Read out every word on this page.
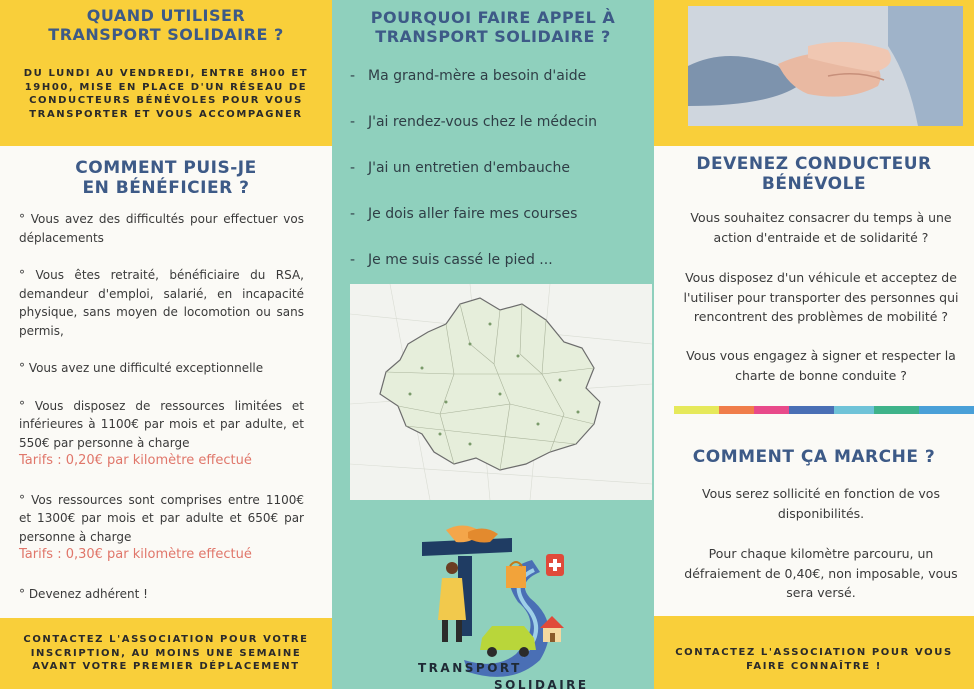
QUAND UTILISER
TRANSPORT SOLIDAIRE ?
DU LUNDI AU VENDREDI, ENTRE 8H00 ET 19H00, MISE EN PLACE D'UN RÉSEAU DE CONDUCTEURS BÉNÉVOLES POUR VOUS TRANSPORTER ET VOUS ACCOMPAGNER
COMMENT PUIS-JE
EN BÉNÉFICIER ?
° Vous avez des difficultés pour effectuer vos déplacements
° Vous êtes retraité, bénéficiaire du RSA, demandeur d'emploi, salarié, en incapacité physique, sans moyen de locomotion ou sans permis,
° Vous avez une difficulté exceptionnelle
° Vous disposez de ressources limitées et inférieures à 1100€ par mois et par adulte, et 550€ par personne à charge
Tarifs : 0,20€ par kilomètre effectué
° Vos ressources sont comprises entre 1100€ et 1300€ par mois et par adulte et 650€ par personne à charge
Tarifs : 0,30€ par kilomètre effectué
° Devenez adhérent !
CONTACTEZ L'ASSOCIATION POUR VOTRE INSCRIPTION, AU MOINS UNE SEMAINE AVANT VOTRE PREMIER DÉPLACEMENT
POURQUOI FAIRE APPEL À
TRANSPORT SOLIDAIRE ?
- Ma grand-mère a besoin d'aide
- J'ai rendez-vous chez le médecin
- J'ai un entretien d'embauche
- Je dois aller faire mes courses
- Je me suis cassé le pied ...
TRANSPORT
SOLIDAIRE
DEVENEZ CONDUCTEUR
BÉNÉVOLE
Vous souhaitez consacrer du temps à une action d'entraide et de solidarité ?
Vous disposez d'un véhicule et acceptez de l'utiliser pour transporter des personnes qui rencontrent des problèmes de mobilité ?
Vous vous engagez à signer et respecter la charte de bonne conduite ?
COMMENT ÇA MARCHE ?
Vous serez sollicité en fonction de vos disponibilités.
Pour chaque kilomètre parcouru, un défraiement de 0,40€, non imposable, vous sera versé.
CONTACTEZ L'ASSOCIATION POUR VOUS FAIRE CONNAÎTRE !
